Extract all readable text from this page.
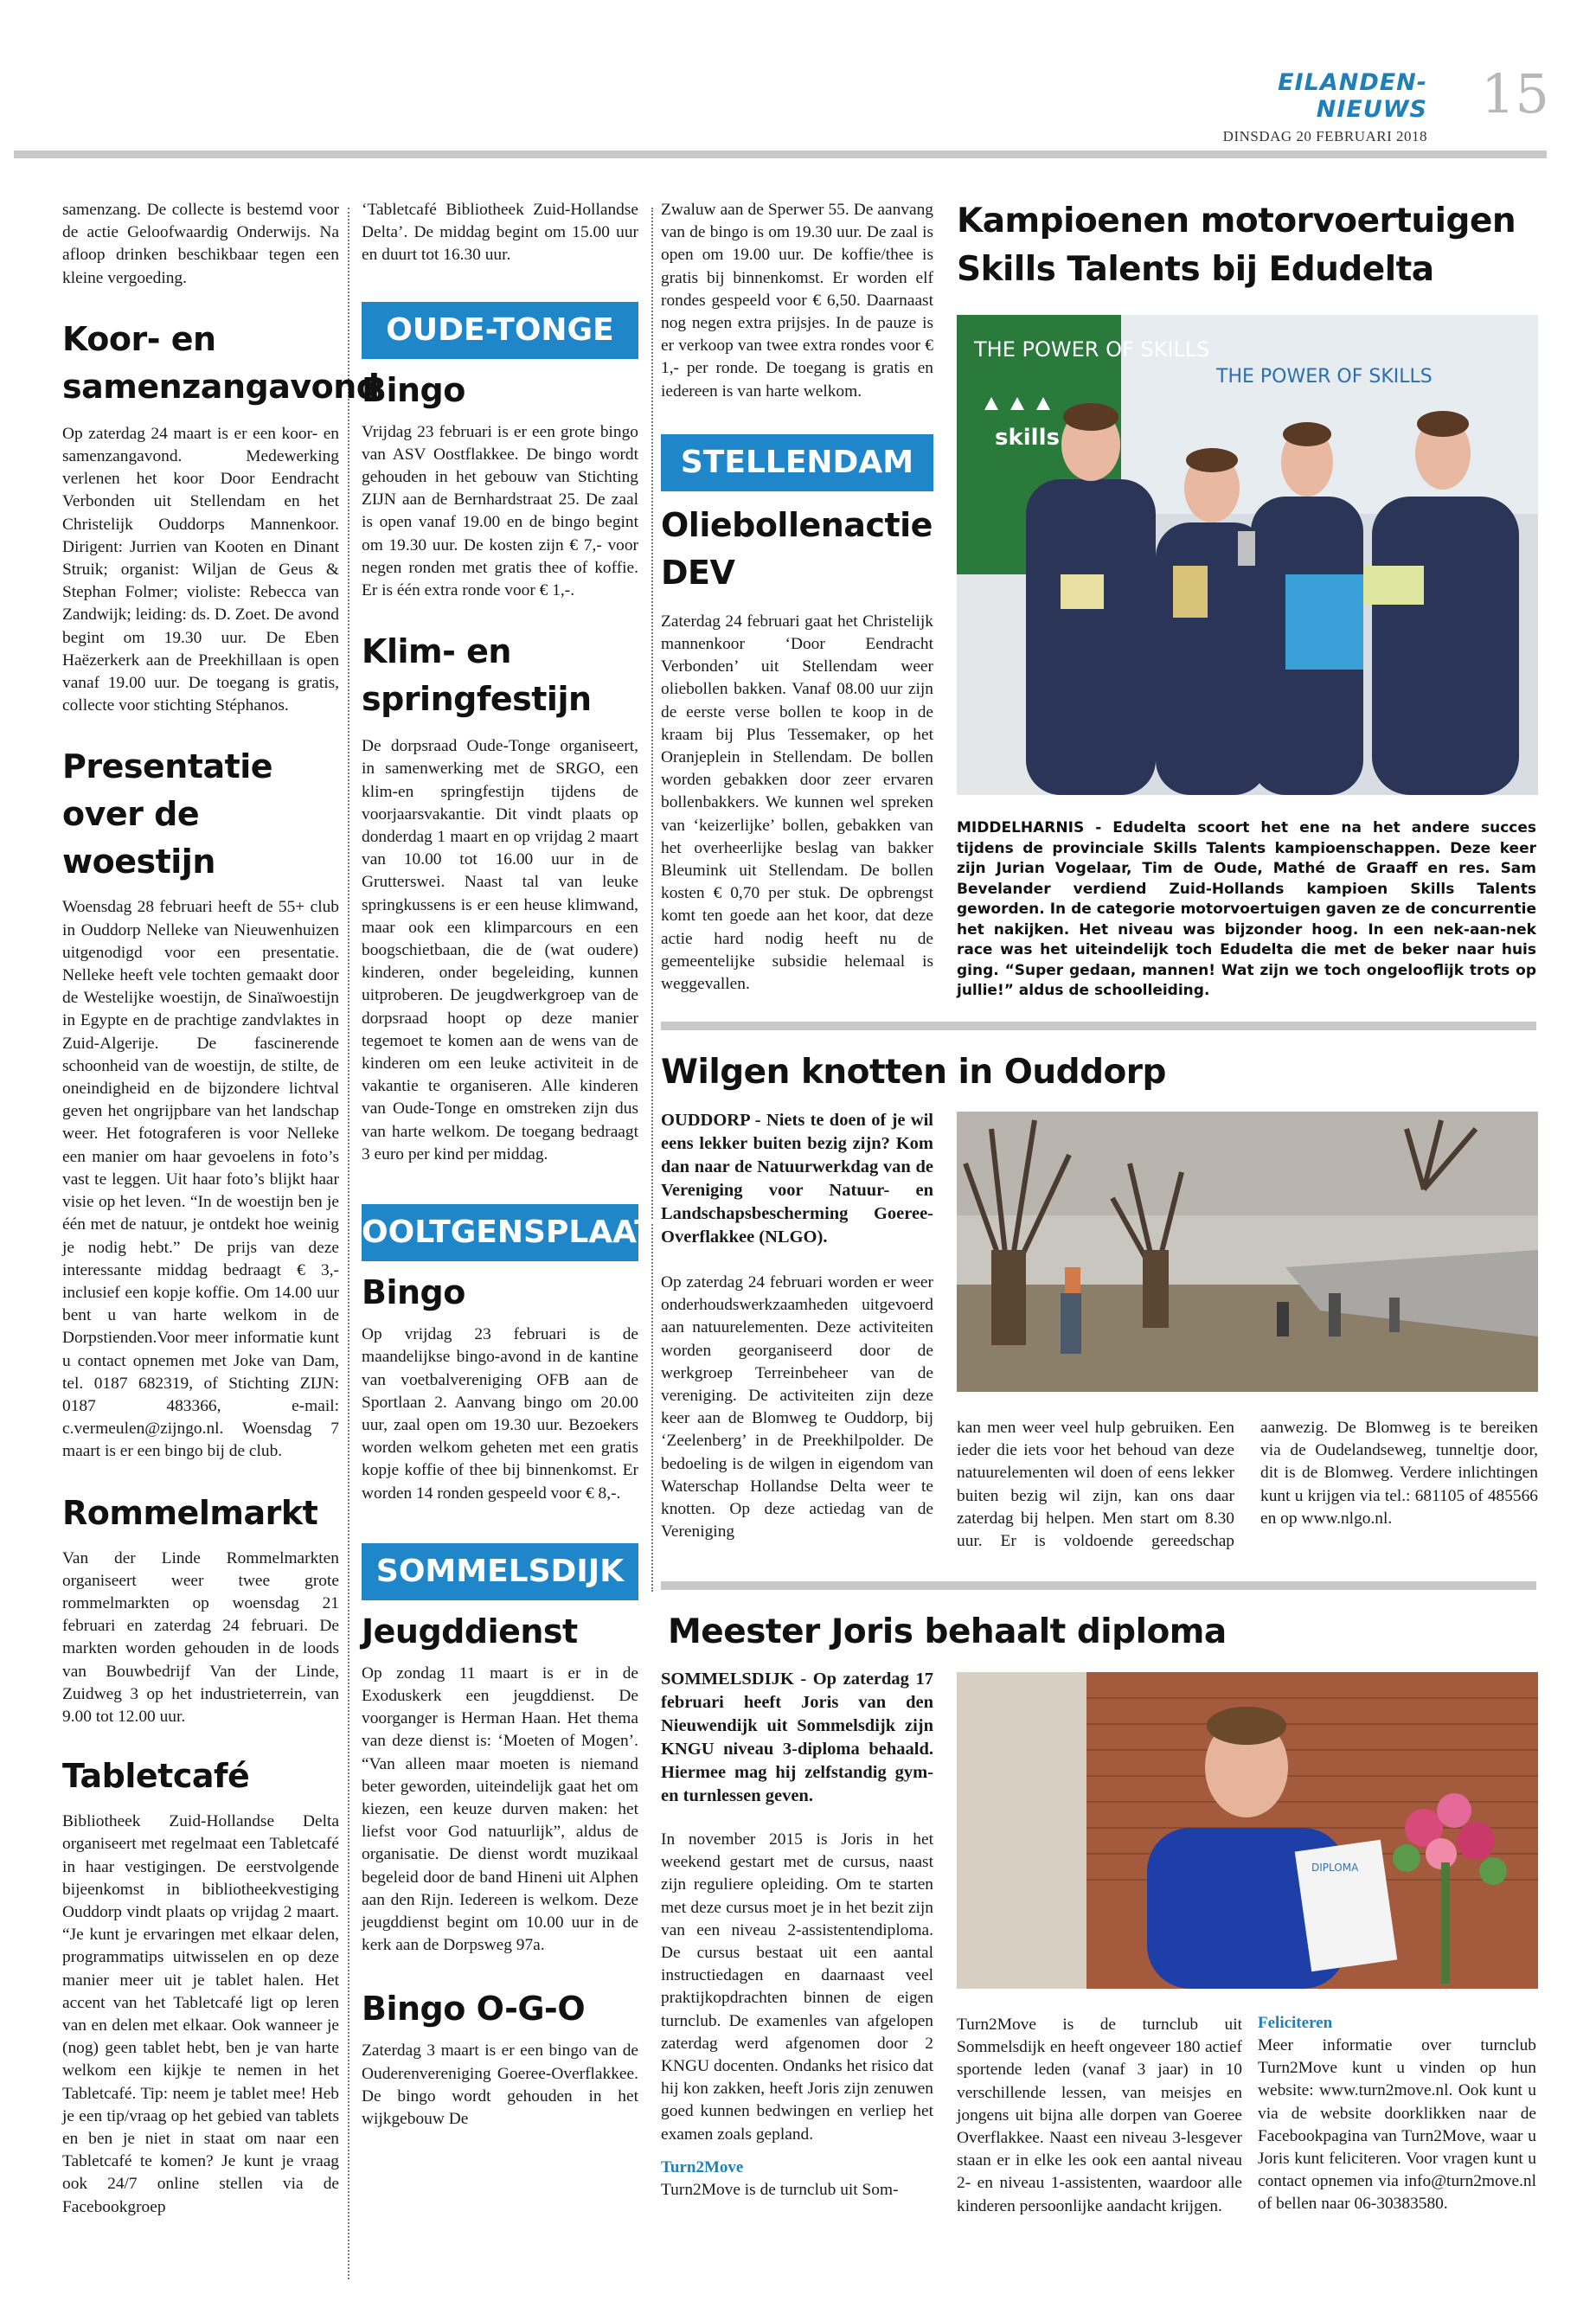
EILANDEN-NIEUWS
DINSDAG 20 FEBRUARI 2018
15

samenzang. De collecte is bestemd voor de actie Geloofwaardig Onderwijs. Na afloop drinken beschikbaar tegen een kleine vergoeding.

Koor- en samenzangavond

Op zaterdag 24 maart is er een koor- en samenzangavond. Medewerking verlenen het koor Door Eendracht Verbonden uit Stellendam en het Christelijk Ouddorps Mannenkoor. Dirigent: Jurrien van Kooten en Dinant Struik; organist: Wiljan de Geus & Stephan Folmer; violiste: Rebecca van Zandwijk; leiding: ds. D. Zoet. De avond begint om 19.30 uur. De Eben Haëzerkerk aan de Preekhillaan is open vanaf 19.00 uur. De toegang is gratis, collecte voor stichting Stéphanos.

Presentatie over de woestijn

Woensdag 28 februari heeft de 55+ club in Ouddorp Nelleke van Nieuwenhuizen uitgenodigd voor een presentatie. Nelleke heeft vele tochten gemaakt door de Westelijke woestijn, de Sinaïwoestijn in Egypte en de prachtige zandvlaktes in Zuid-Algerije. De fascinerende schoonheid van de woestijn, de stilte, de oneindigheid en de bijzondere lichtval geven het ongrijpbare van het landschap weer. Het fotograferen is voor Nelleke een manier om haar gevoelens in foto’s vast te leggen. Uit haar foto’s blijkt haar visie op het leven. “In de woestijn ben je één met de natuur, je ontdekt hoe weinig je nodig hebt.” De prijs van deze interessante middag bedraagt € 3,- inclusief een kopje koffie. Om 14.00 uur bent u van harte welkom in de Dorpstienden.Voor meer informatie kunt u contact opnemen met Joke van Dam, tel. 0187 682319, of Stichting ZIJN: 0187 483366, e-mail: c.vermeulen@zijngo.nl. Woensdag 7 maart is er een bingo bij de club.

Rommelmarkt

Van der Linde Rommelmarkten organiseert weer twee grote rommelmarkten op woensdag 21 februari en zaterdag 24 februari. De markten worden gehouden in de loods van Bouwbedrijf Van der Linde, Zuidweg 3 op het industrieterrein, van 9.00 tot 12.00 uur.

Tabletcafé

Bibliotheek Zuid-Hollandse Delta organiseert met regelmaat een Tabletcafé in haar vestigingen. De eerstvolgende bijeenkomst in bibliotheekvestiging Ouddorp vindt plaats op vrijdag 2 maart. “Je kunt je ervaringen met elkaar delen, programmatips uitwisselen en op deze manier meer uit je tablet halen. Het accent van het Tabletcafé ligt op leren van en delen met elkaar. Ook wanneer je (nog) geen tablet hebt, ben je van harte welkom een kijkje te nemen in het Tabletcafé. Tip: neem je tablet mee! Heb je een tip/vraag op het gebied van tablets en ben je niet in staat om naar een Tabletcafé te komen? Je kunt je vraag ook 24/7 online stellen via de Facebookgroep

‘Tabletcafé Bibliotheek Zuid-Hollandse Delta’. De middag begint om 15.00 uur en duurt tot 16.30 uur.

OUDE-TONGE
Bingo

Vrijdag 23 februari is er een grote bingo van ASV Oostflakkee. De bingo wordt gehouden in het gebouw van Stichting ZIJN aan de Bernhardstraat 25. De zaal is open vanaf 19.00 en de bingo begint om 19.30 uur. De kosten zijn € 7,- voor negen ronden met gratis thee of koffie. Er is één extra ronde voor € 1,-.

Klim- en springfestijn

De dorpsraad Oude-Tonge organiseert, in samenwerking met de SRGO, een klim-en springfestijn tijdens de voorjaarsvakantie. Dit vindt plaats op donderdag 1 maart en op vrijdag 2 maart van 10.00 tot 16.00 uur in de Grutterswei. Naast tal van leuke springkussens is er een heuse klimwand, maar ook een klimparcours en een boogschietbaan, die de (wat oudere) kinderen, onder begeleiding, kunnen uitproberen. De jeugdwerkgroep van de dorpsraad hoopt op deze manier tegemoet te komen aan de wens van de kinderen om een leuke activiteit in de vakantie te organiseren. Alle kinderen van Oude-Tonge en omstreken zijn dus van harte welkom. De toegang bedraagt 3 euro per kind per middag.

OOLTGENSPLAAT
Bingo

Op vrijdag 23 februari is de maandelijkse bingo-avond in de kantine van voetbalvereniging OFB aan de Sportlaan 2. Aanvang bingo om 20.00 uur, zaal open om 19.30 uur. Bezoekers worden welkom geheten met een gratis kopje koffie of thee bij binnenkomst. Er worden 14 ronden gespeeld voor € 8,-.

SOMMELSDIJK
Jeugddienst

Op zondag 11 maart is er in de Exoduskerk een jeugddienst. De voorganger is Herman Haan. Het thema van deze dienst is: ‘Moeten of Mogen’. “Van alleen maar moeten is niemand beter geworden, uiteindelijk gaat het om kiezen, een keuze durven maken: het liefst voor God natuurlijk”, aldus de organisatie. De dienst wordt muzikaal begeleid door de band Hineni uit Alphen aan den Rijn. Iedereen is welkom. Deze jeugddienst begint om 10.00 uur in de kerk aan de Dorpsweg 97a.

Bingo O-G-O

Zaterdag 3 maart is er een bingo van de Ouderenvereniging Goeree-Overflakkee. De bingo wordt gehouden in het wijkgebouw De

Zwaluw aan de Sperwer 55. De aanvang van de bingo is om 19.30 uur. De zaal is open om 19.00 uur. De koffie/thee is gratis bij binnenkomst. Er worden elf rondes gespeeld voor € 6,50. Daarnaast nog negen extra prijsjes. In de pauze is er verkoop van twee extra rondes voor € 1,- per ronde. De toegang is gratis en iedereen is van harte welkom.

STELLENDAM
Oliebollenactie DEV

Zaterdag 24 februari gaat het Christelijk mannenkoor ‘Door Eendracht Verbonden’ uit Stellendam weer oliebollen bakken. Vanaf 08.00 uur zijn de eerste verse bollen te koop in de kraam bij Plus Tessemaker, op het Oranjeplein in Stellendam. De bollen worden gebakken door zeer ervaren bollenbakkers. We kunnen wel spreken van ‘keizerlijke’ bollen, gebakken van het overheerlijke beslag van bakker Bleumink uit Stellendam. De bollen kosten € 0,70 per stuk. De opbrengst komt ten goede aan het koor, dat deze actie hard nodig heeft nu de gemeentelijke subsidie helemaal is weggevallen.

Kampioenen motorvoertuigen
Skills Talents bij Edudelta
THE POWER OF SKILLS
THE POWER OF SKILLS
skills

MIDDELHARNIS - Edudelta scoort het ene na het andere succes tijdens de provinciale Skills Talents kampioenschappen. Deze keer zijn Jurian Vogelaar, Tim de Oude, Mathé de Graaff en res. Sam Bevelander verdiend Zuid-Hollands kampioen Skills Talents geworden. In de categorie motorvoertuigen gaven ze de concurrentie het nakijken. Het niveau was bijzonder hoog. In een nek-aan-nek race was het uiteindelijk toch Edudelta die met de beker naar huis ging. “Super gedaan, mannen! Wat zijn we toch ongelooflijk trots op jullie!” aldus de schoolleiding.

Wilgen knotten in Ouddorp

OUDDORP - Niets te doen of je wil eens lekker buiten bezig zijn? Kom dan naar de Natuurwerkdag van de Vereniging voor Natuur- en Landschapsbescherming Goeree-Overflakkee (NLGO).

Op zaterdag 24 februari worden er weer onderhoudswerkzaamheden uitgevoerd aan natuurelementen. Deze activiteiten worden georganiseerd door de werkgroep Terreinbeheer van de vereniging. De activiteiten zijn deze keer aan de Blomweg te Ouddorp, bij ‘Zeelenberg’ in de Preekhilpolder. De bedoeling is de wilgen in eigendom van Waterschap Hollandse Delta weer te knotten. Op deze actiedag van de Vereniging

kan men weer veel hulp gebruiken. Een ieder die iets voor het behoud van deze natuurelementen wil doen of eens lekker buiten bezig wil zijn, kan ons daar zaterdag bij helpen. Men start om 8.30 uur. Er is voldoende gereedschap aanwezig. De Blomweg is te bereiken via de Oudelandseweg, tunneltje door, dit is de Blomweg. Verdere inlichtingen kunt u krijgen via tel.: 681105 of 485566 en op www.nlgo.nl.

Meester Joris behaalt diploma

SOMMELSDIJK - Op zaterdag 17 februari heeft Joris van den Nieuwendijk uit Sommelsdijk zijn KNGU niveau 3-diploma behaald. Hiermee mag hij zelfstandig gym- en turnlessen geven.

In november 2015 is Joris in het weekend gestart met de cursus, naast zijn reguliere opleiding. Om te starten met deze cursus moet je in het bezit zijn van een niveau 2-assistentendiploma. De cursus bestaat uit een aantal instructiedagen en daarnaast veel praktijkopdrachten binnen de eigen turnclub. De examenles van afgelopen zaterdag werd afgenomen door 2 KNGU docenten. Ondanks het risico dat hij kon zakken, heeft Joris zijn zenuwen goed kunnen bedwingen en verliep het examen zoals gepland.

Turn2Move

Turn2Move is de turnclub uit Som-

DIPLOMA

Turn2Move is de turnclub uit Sommelsdijk en heeft ongeveer 180 actief sportende leden (vanaf 3 jaar) in 10 verschillende lessen, van meisjes en jongens uit bijna alle dorpen van Goeree Overflakkee. Naast een niveau 3-lesgever staan er in elke les ook een aantal niveau 2- en niveau 1-assistenten, waardoor alle kinderen persoonlijke aandacht krijgen.

Feliciteren

Meer informatie over turnclub Turn2Move kunt u vinden op hun website: www.turn2move.nl. Ook kunt u via de website doorklikken naar de Facebookpagina van Turn2Move, waar u Joris kunt feliciteren. Voor vragen kunt u contact opnemen via info@turn2move.nl of bellen naar 06-30383580.
